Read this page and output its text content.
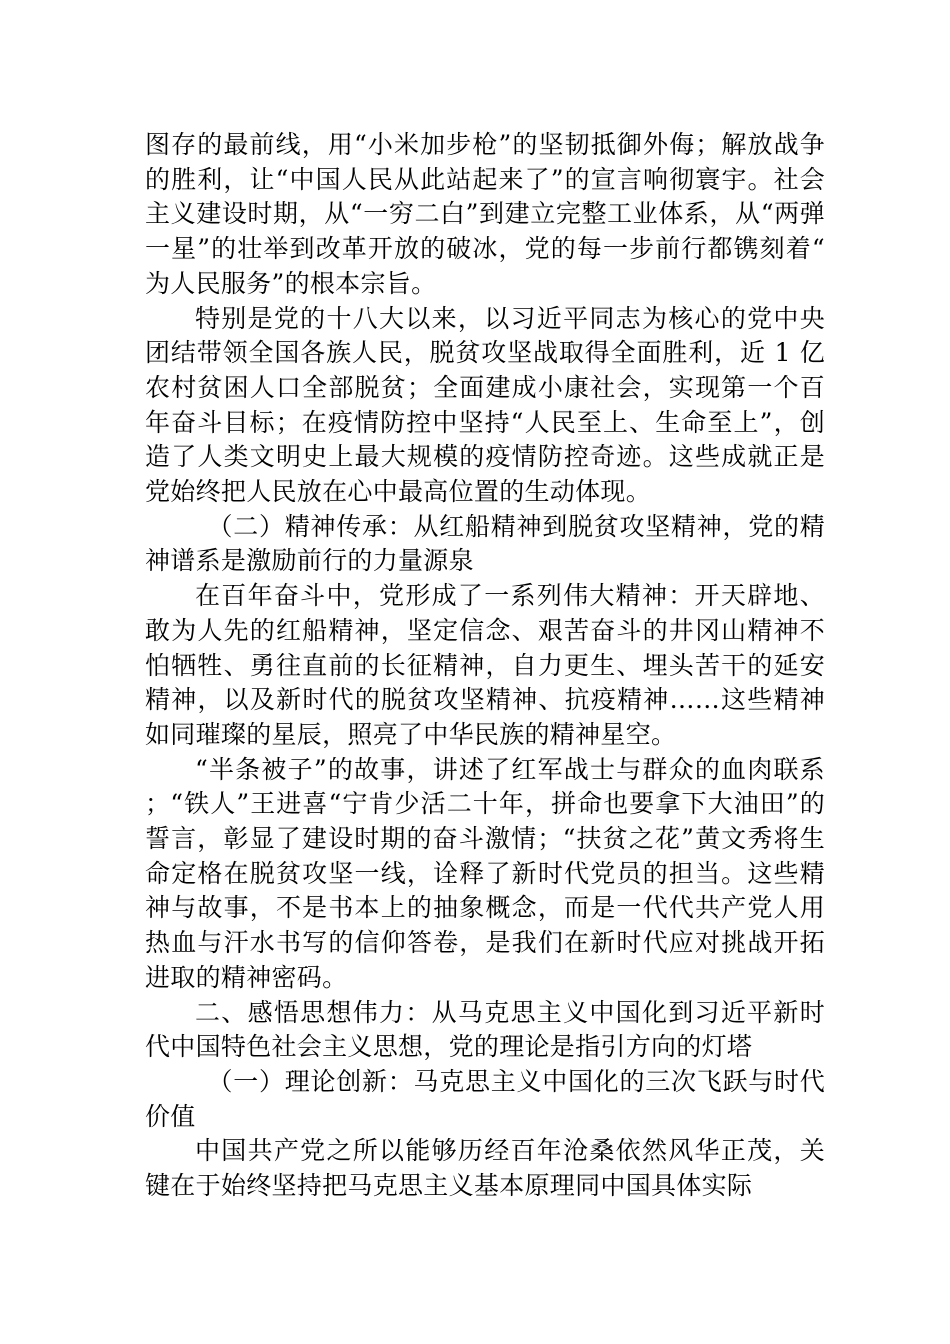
图存的最前线，用“小米加步枪”的坚韧抵御外侮；解放战争的胜利，让“中国人民从此站起来了”的宣言响彻寰宇。社会主义建设时期，从“一穷二白”到建立完整工业体系，从“两弹一星”的壮举到改革开放的破冰，党的每一步前行都镌刻着“为人民服务”的根本宗旨。

特别是党的十八大以来，以习近平同志为核心的党中央团结带领全国各族人民，脱贫攻坚战取得全面胜利，近 1 亿农村贫困人口全部脱贫；全面建成小康社会，实现第一个百年奋斗目标；在疫情防控中坚持“人民至上、生命至上”，创造了人类文明史上最大规模的疫情防控奇迹。这些成就正是党始终把人民放在心中最高位置的生动体现。

（二）精神传承：从红船精神到脱贫攻坚精神，党的精神谱系是激励前行的力量源泉

在百年奋斗中，党形成了一系列伟大精神：开天辟地、敢为人先的红船精神，坚定信念、艰苦奋斗的井冈山精神不怕牺牲、勇往直前的长征精神，自力更生、埋头苦干的延安精神，以及新时代的脱贫攻坚精神、抗疫精神……这些精神如同璀璨的星辰，照亮了中华民族的精神星空。

“半条被子”的故事，讲述了红军战士与群众的血肉联系；“铁人”王进喜“宁肯少活二十年，拼命也要拿下大油田”的誓言，彰显了建设时期的奋斗激情；“扶贫之花”黄文秀将生命定格在脱贫攻坚一线，诠释了新时代党员的担当。这些精神与故事，不是书本上的抽象概念，而是一代代共产党人用热血与汗水书写的信仰答卷，是我们在新时代应对挑战开拓进取的精神密码。

二、感悟思想伟力：从马克思主义中国化到习近平新时代中国特色社会主义思想，党的理论是指引方向的灯塔

（一）理论创新：马克思主义中国化的三次飞跃与时代价值

中国共产党之所以能够历经百年沧桑依然风华正茂，关键在于始终坚持把马克思主义基本原理同中国具体实际
